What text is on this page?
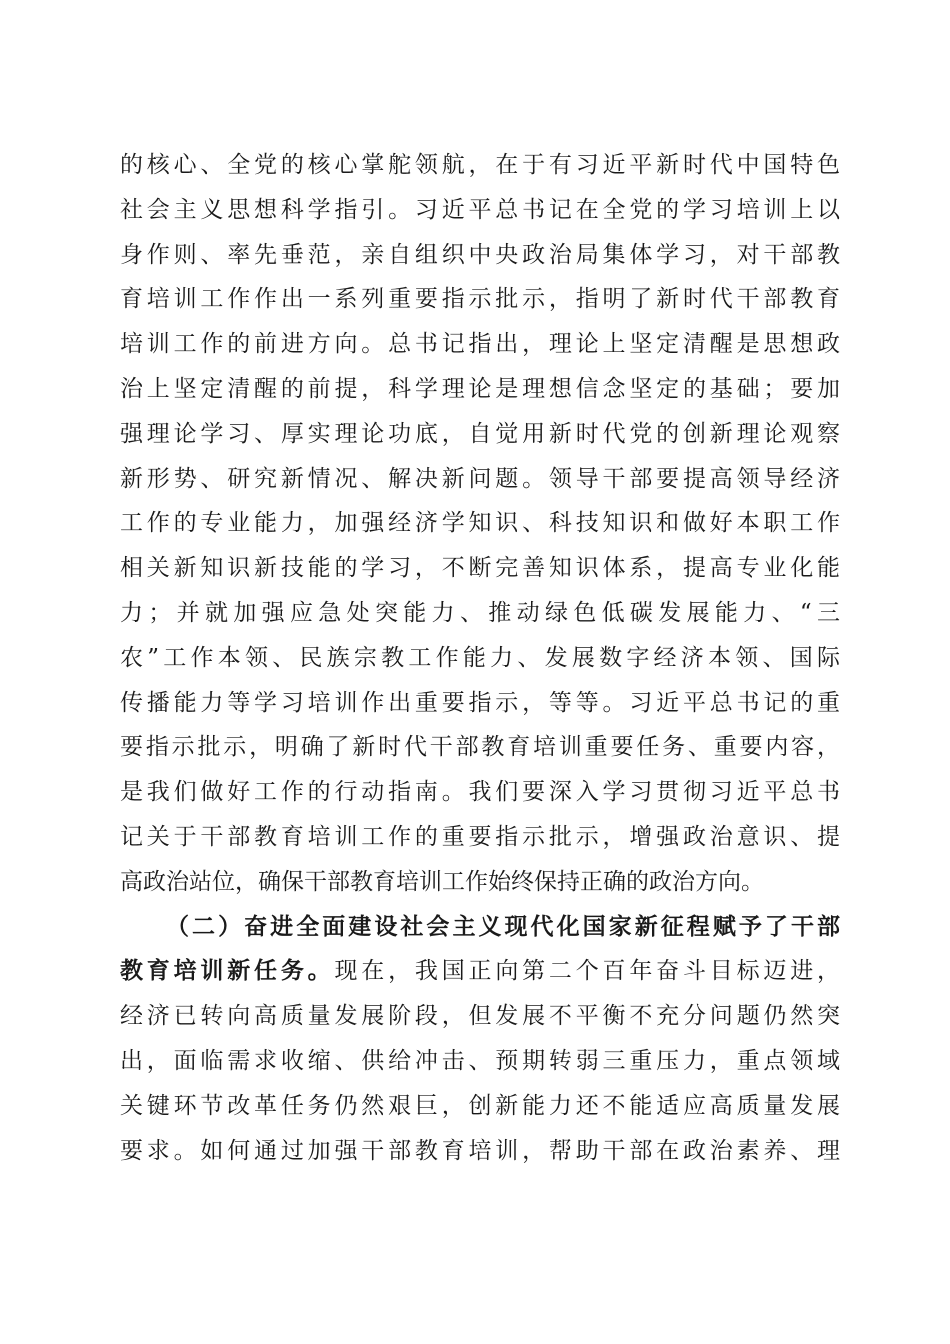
的核心、全党的核心掌舵领航，在于有习近平新时代中国特色
社会主义思想科学指引。习近平总书记在全党的学习培训上以
身作则、率先垂范，亲自组织中央政治局集体学习，对干部教
育培训工作作出一系列重要指示批示，指明了新时代干部教育
培训工作的前进方向。总书记指出，理论上坚定清醒是思想政
治上坚定清醒的前提，科学理论是理想信念坚定的基础；要加
强理论学习、厚实理论功底，自觉用新时代党的创新理论观察
新形势、研究新情况、解决新问题。领导干部要提高领导经济
工作的专业能力，加强经济学知识、科技知识和做好本职工作
相关新知识新技能的学习，不断完善知识体系，提高专业化能
力；并就加强应急处突能力、推动绿色低碳发展能力、“三
农”工作本领、民族宗教工作能力、发展数字经济本领、国际
传播能力等学习培训作出重要指示，等等。习近平总书记的重
要指示批示，明确了新时代干部教育培训重要任务、重要内容，
是我们做好工作的行动指南。我们要深入学习贯彻习近平总书
记关于干部教育培训工作的重要指示批示，增强政治意识、提
高政治站位，确保干部教育培训工作始终保持正确的政治方向。
（二）奋进全面建设社会主义现代化国家新征程赋予了干部
教育培训新任务。现在，我国正向第二个百年奋斗目标迈进，
经济已转向高质量发展阶段，但发展不平衡不充分问题仍然突
出，面临需求收缩、供给冲击、预期转弱三重压力，重点领域
关键环节改革任务仍然艰巨，创新能力还不能适应高质量发展
要求。如何通过加强干部教育培训，帮助干部在政治素养、理
